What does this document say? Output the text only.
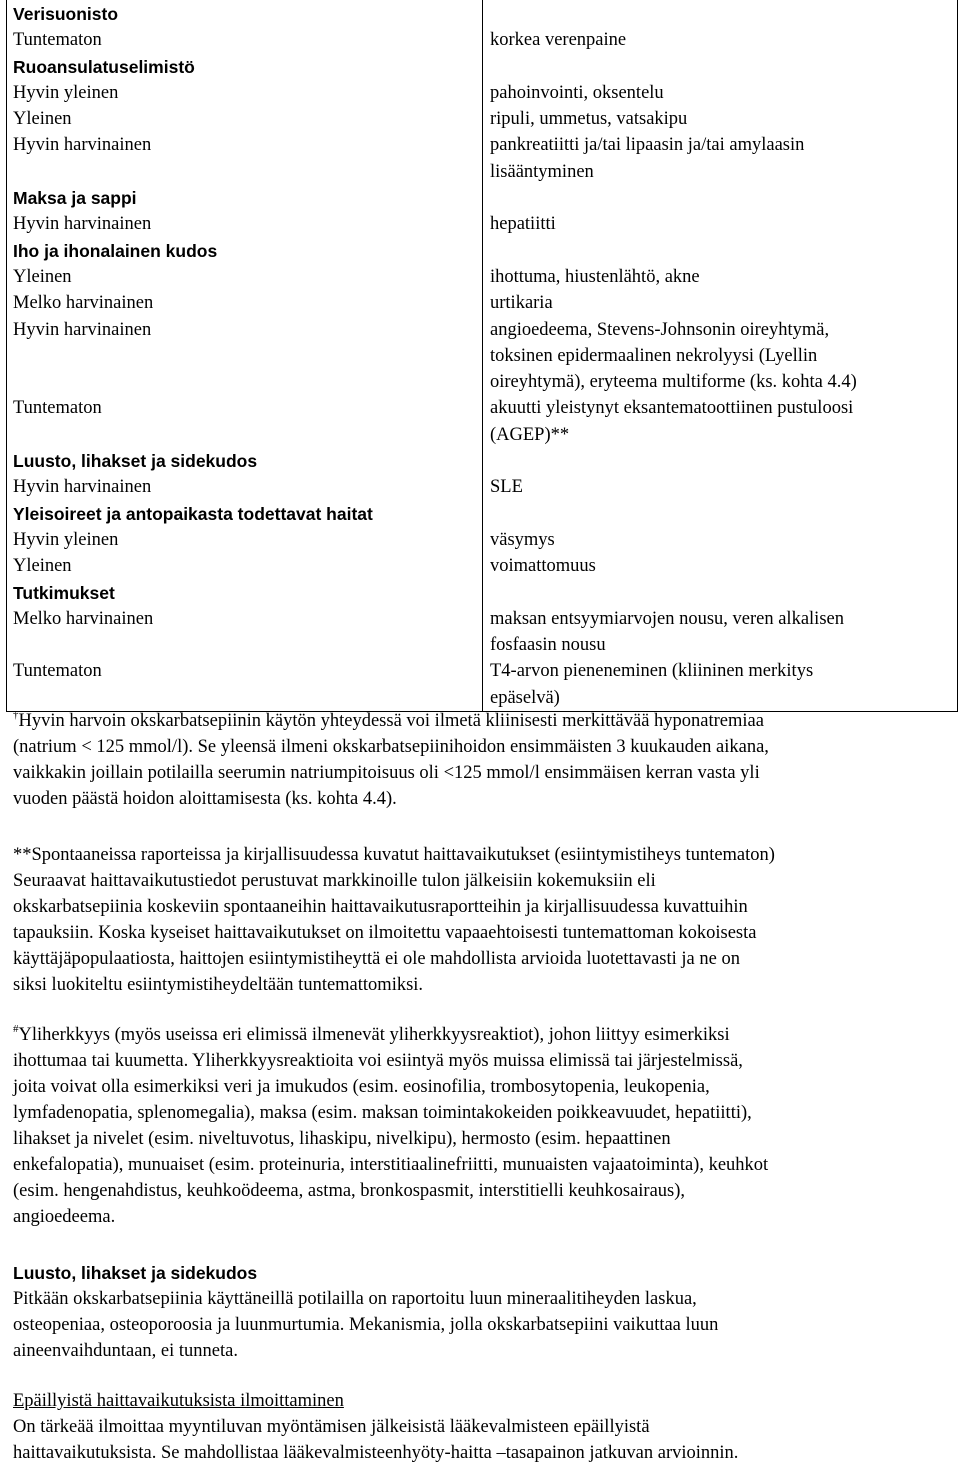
Verisuonisto
Tuntematon
Ruoansulatuselimistö
Hyvin yleinen
Yleinen
Hyvin harvinainen
Maksa ja sappi
Hyvin harvinainen
Iho ja ihonalainen kudos
Yleinen
Melko harvinainen
Hyvin harvinainen
Tuntematon
Luusto, lihakset ja sidekudos
Hyvin harvinainen
Yleisoireet ja antopaikasta todettavat haitat
Hyvin yleinen
Yleinen
Tutkimukset
Melko harvinainen
Tuntematon
korkea verenpaine
pahoinvointi, oksentelu
ripuli, ummetus, vatsakipu
pankreatiitti ja/tai lipaasin ja/tai amylaasin
lisääntyminen
hepatiitti
ihottuma, hiustenlähtö, akne
urtikaria
angioedeema, Stevens-Johnsonin oireyhtymä,
toksinen epidermaalinen nekrolyysi (Lyellin
oireyhtymä), eryteema multiforme (ks. kohta 4.4)
akuutti yleistynyt eksantematoottiinen pustuloosi
(AGEP)**
SLE
väsymys
voimattomuus
maksan entsyymiarvojen nousu, veren alkalisen
fosfaasin nousu
T4-arvon pieneneminen (kliininen merkitys
epäselvä)

†Hyvin harvoin okskarbatsepiinin käytön yhteydessä voi ilmetä kliinisesti merkittävää hyponatremiaa

(natrium < 125 mmol/l). Se yleensä ilmeni okskarbatsepiinihoidon ensimmäisten 3 kuukauden aikana,

vaikkakin joillain potilailla seerumin natriumpitoisuus oli <125 mmol/l ensimmäisen kerran vasta yli

vuoden päästä hoidon aloittamisesta (ks. kohta 4.4).

**Spontaaneissa raporteissa ja kirjallisuudessa kuvatut haittavaikutukset (esiintymistiheys tuntematon)

Seuraavat haittavaikutustiedot perustuvat markkinoille tulon jälkeisiin kokemuksiin eli

okskarbatsepiinia koskeviin spontaaneihin haittavaikutusraportteihin ja kirjallisuudessa kuvattuihin

tapauksiin. Koska kyseiset haittavaikutukset on ilmoitettu vapaaehtoisesti tuntemattoman kokoisesta

käyttäjäpopulaatiosta, haittojen esiintymistiheyttä ei ole mahdollista arvioida luotettavasti ja ne on

siksi luokiteltu esiintymistiheydeltään tuntemattomiksi.

#Yliherkkyys (myös useissa eri elimissä ilmenevät yliherkkyysreaktiot), johon liittyy esimerkiksi

ihottumaa tai kuumetta. Yliherkkyysreaktioita voi esiintyä myös muissa elimissä tai järjestelmissä,

joita voivat olla esimerkiksi veri ja imukudos (esim. eosinofilia, trombosytopenia, leukopenia,

lymfadenopatia, splenomegalia), maksa (esim. maksan toimintakokeiden poikkeavuudet, hepatiitti),

lihakset ja nivelet (esim. niveltuvotus, lihaskipu, nivelkipu), hermosto (esim. hepaattinen

enkefalopatia), munuaiset (esim. proteinuria, interstitiaalinefriitti, munuaisten vajaatoiminta), keuhkot

(esim. hengenahdistus, keuhkoödeema, astma, bronkospasmit, interstitielli keuhkosairaus),

angioedeema.

Luusto, lihakset ja sidekudos

Pitkään okskarbatsepiinia käyttäneillä potilailla on raportoitu luun mineraalitiheyden laskua,

osteopeniaa, osteoporoosia ja luunmurtumia. Mekanismia, jolla okskarbatsepiini vaikuttaa luun

aineenvaihduntaan, ei tunneta.

Epäillyistä haittavaikutuksista ilmoittaminen

On tärkeää ilmoittaa myyntiluvan myöntämisen jälkeisistä lääkevalmisteen epäillyistä

haittavaikutuksista. Se mahdollistaa lääkevalmisteenhyöty-haitta –tasapainon jatkuvan arvioinnin.
